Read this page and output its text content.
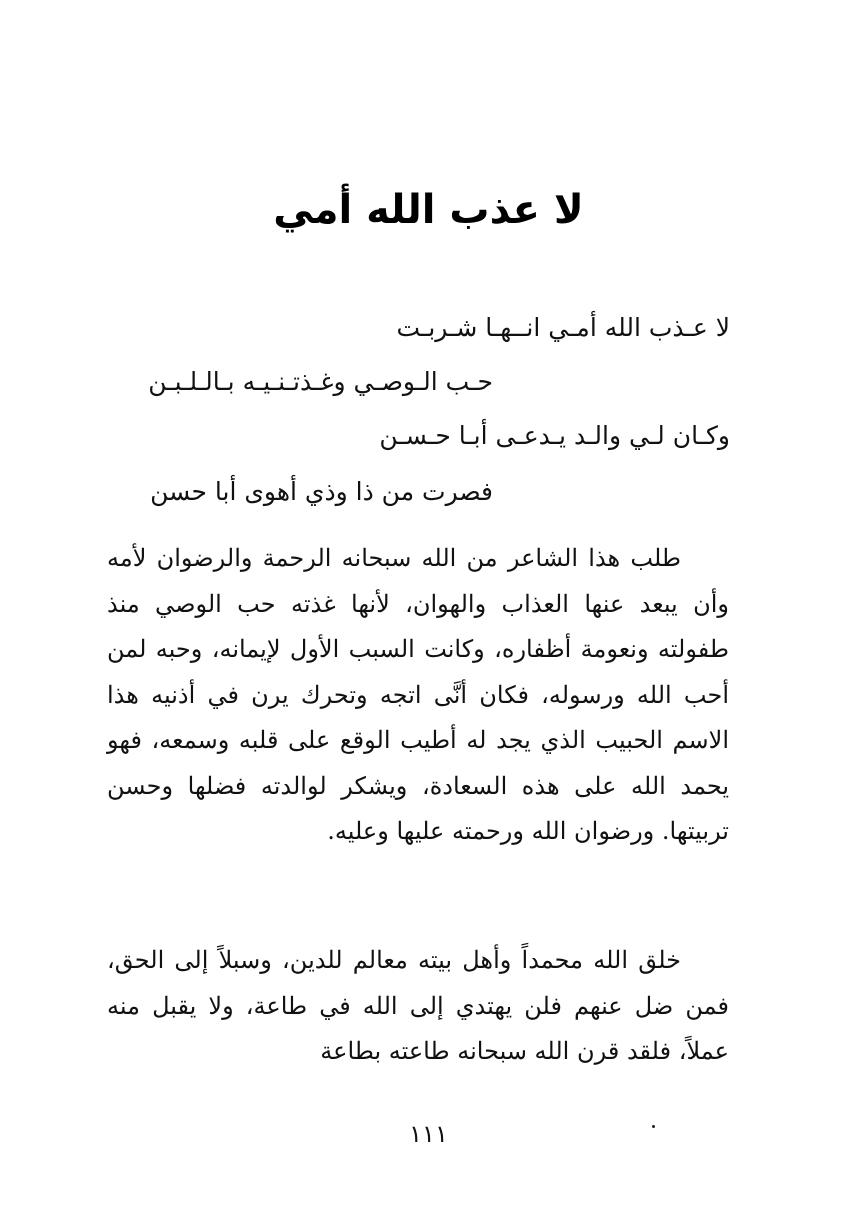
لا عذب الله أمي
لا عـذب الله أمـي انــهـا شـربـت
حـب الـوصـي وغـذتـنـيـه بـالـلـبـن
وكـان لـي والـد يـدعـى أبـا حـسـن
فصرت من ذا وذي أهوى أبا حسن

طلب هذا الشاعر من الله سبحانه الرحمة والرضوان لأمه وأن يبعد عنها العذاب والهوان، لأنها غذته حب الوصي منذ طفولته ونعومة أظفاره، وكانت السبب الأول لإيمانه، وحبه لمن أحب الله ورسوله، فكان أنَّى اتجه وتحرك يرن في أذنيه هذا الاسم الحبيب الذي يجد له أطيب الوقع على قلبه وسمعه، فهو يحمد الله على هذه السعادة، ويشكر لوالدته فضلها وحسن تربيتها. ورضوان الله ورحمته عليها وعليه.

خلق الله محمداً وأهل بيته معالم للدين، وسبلاً إلى الحق، فمن ضل عنهم فلن يهتدي إلى الله في طاعة، ولا يقبل منه عملاً، فلقد قرن الله سبحانه طاعته بطاعة

١١١
